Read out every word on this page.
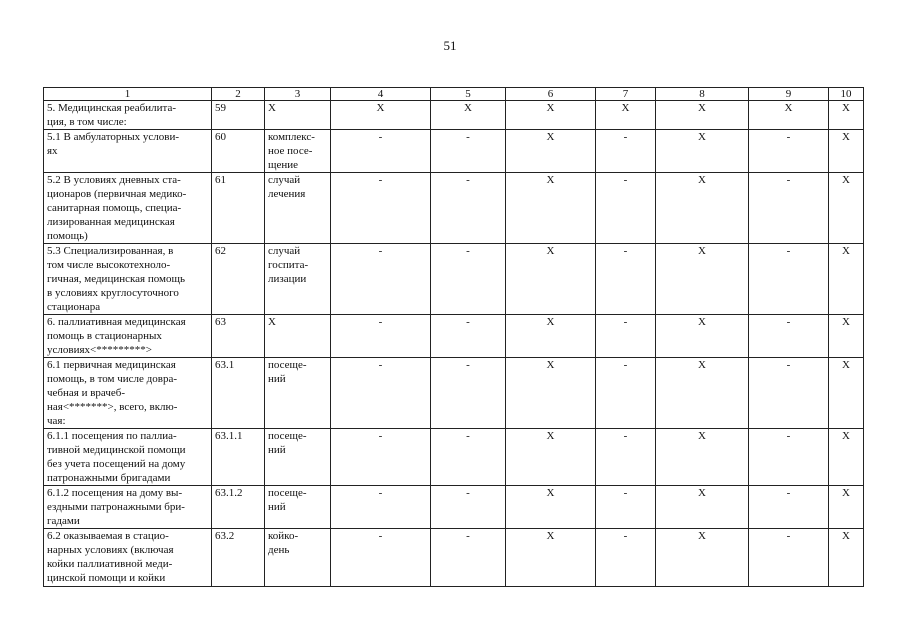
51
1	2	3	4	5	6	7	8	9	10
5. Медицинская реабилита-
ция, в том числе:	59	Х	Х	Х	Х	Х	Х	Х	Х
5.1 В амбулаторных услови-
ях	60	комплекс-
ное посе-
щение	-	-	Х	-	Х	-	Х
5.2 В условиях дневных ста-
ционаров (первичная медико-
санитарная помощь, специа-
лизированная медицинская
помощь)	61	случай
лечения	-	-	Х	-	Х	-	Х
5.3 Специализированная, в
том числе высокотехноло-
гичная, медицинская помощь
в условиях круглосуточного
стационара	62	случай
госпита-
лизации	-	-	Х	-	Х	-	Х
6. паллиативная медицинская
помощь в стационарных
условиях<*********>	63	Х	-	-	Х	-	Х	-	Х
6.1 первичная медицинская
помощь, в том числе довра-
чебная и врачеб-
ная<*******>, всего, вклю-
чая:	63.1	посеще-
ний	-	-	Х	-	Х	-	Х
6.1.1 посещения по паллиа-
тивной медицинской помощи
без учета посещений на дому
патронажными бригадами	63.1.1	посеще-
ний	-	-	Х	-	Х	-	Х
6.1.2 посещения на дому вы-
ездными патронажными бри-
гадами	63.1.2	посеще-
ний	-	-	Х	-	Х	-	Х
6.2 оказываемая в стацио-
нарных условиях (включая
койки паллиативной меди-
цинской помощи и койки	63.2	койко-
день	-	-	Х	-	Х	-	Х
